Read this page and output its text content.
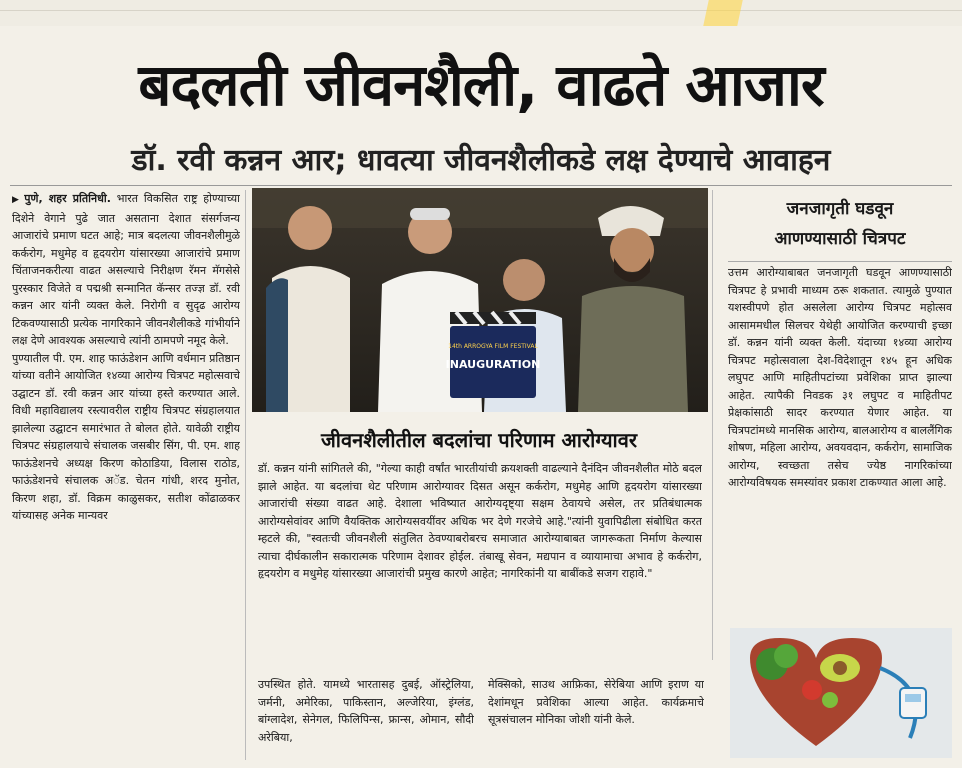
बदलती जीवनशैली, वाढते आजार
डॉ. रवी कन्नन आर; धावत्या जीवनशैलीकडे लक्ष देण्याचे आवाहन

▶ पुणे, शहर प्रतिनिधी. भारत विकसित राष्ट्र होण्याच्या दिशेने वेगाने पुढे जात असताना देशात संसर्गजन्य आजारांचे प्रमाण घटत आहे; मात्र बदलत्या जीवनशैलीमुळे कर्करोग, मधुमेह व हृदयरोग यांसारख्या आजारांचे प्रमाण चिंताजनकरीत्या वाढत असल्याचे निरीक्षण रॅमन मॅगसेसे पुरस्कार विजेते व पद्मश्री सन्मानित कॅन्सर तज्ज्ञ डॉ. रवी कन्नन आर यांनी व्यक्त केले. निरोगी व सुदृढ आरोग्य टिकवण्यासाठी प्रत्येक नागरिकाने जीवनशैलीकडे गांभीर्याने लक्ष देणे आवश्यक असल्याचे त्यांनी ठामपणे नमूद केले.

पुण्यातील पी. एम. शाह फाऊंडेशन आणि वर्धमान प्रतिष्ठान यांच्या वतीने आयोजित १४व्या आरोग्य चित्रपट महोत्सवाचे उद्घाटन डॉ. रवी कन्नन आर यांच्या हस्ते करण्यात आले. विधी महाविद्यालय रस्त्यावरील राष्ट्रीय चित्रपट संग्रहालयात झालेल्या उद्घाटन समारंभात ते बोलत होते. यावेळी राष्ट्रीय चित्रपट संग्रहालयाचे संचालक जसबीर सिंग, पी. एम. शाह फाऊंडेशनचे अध्यक्ष किरण कोठाडिया, विलास राठोड, फाऊंडेशनचे संचालक अॅड. चेतन गांधी, शरद मुनोत, किरण शहा, डॉ. विक्रम काळुसकर, सतीश कोंढाळकर यांच्यासह अनेक मान्यवर

14th ARROGYA FILM FESTIVAL
INAUGURATION
जीवनशैलीतील बदलांचा परिणाम आरोग्यावर

डॉ. कन्नन यांनी सांगितले की, "गेल्या काही वर्षांत भारतीयांची क्रयशक्ती वाढल्याने दैनंदिन जीवनशैलीत मोठे बदल झाले आहेत. या बदलांचा थेट परिणाम आरोग्यावर दिसत असून कर्करोग, मधुमेह आणि हृदयरोग यांसारख्या आजारांची संख्या वाढत आहे. देशाला भविष्यात आरोग्यदृष्ट्या सक्षम ठेवायचे असेल, तर प्रतिबंधात्मक आरोग्यसेवांवर आणि वैयक्तिक आरोग्यसवयींवर अधिक भर देणे गरजेचे आहे."त्यांनी युवापिढीला संबोधित करत म्हटले की, "स्वतःची जीवनशैली संतुलित ठेवण्याबरोबरच समाजात आरोग्याबाबत जागरूकता निर्माण केल्यास त्याचा दीर्घकालीन सकारात्मक परिणाम देशावर होईल. तंबाखू सेवन, मद्यपान व व्यायामाचा अभाव हे कर्करोग, हृदयरोग व मधुमेह यांसारख्या आजारांची प्रमुख कारणे आहेत; नागरिकांनी या बाबींकडे सजग राहावे."

उपस्थित होते. यामध्ये भारतासह दुबई, ऑस्ट्रेलिया, जर्मनी, अमेरिका, पाकिस्तान, अल्जेरिया, इंग्लंड, बांग्लादेश, सेनेगल, फिलिपिन्स, फ्रान्स, ओमान, सौदी अरेबिया,

मेक्सिको, साउथ आफ्रिका, सेरेबिया आणि इराण या देशांमधून प्रवेशिका आल्या आहेत. कार्यक्रमाचे सूत्रसंचालन मोनिका जोशी यांनी केले.

जनजागृती घडवून
आणण्यासाठी चित्रपट

उत्तम आरोग्याबाबत जनजागृती घडवून आणण्यासाठी चित्रपट हे प्रभावी माध्यम ठरू शकतात. त्यामुळे पुण्यात यशस्वीपणे होत असलेला आरोग्य चित्रपट महोत्सव आसाममधील सिलचर येथेही आयोजित करण्याची इच्छा डॉ. कन्नन यांनी व्यक्त केली. यंदाच्या १४व्या आरोग्य चित्रपट महोत्सवाला देश-विदेशातून १४५ हून अधिक लघुपट आणि माहितीपटांच्या प्रवेशिका प्राप्त झाल्या आहेत. त्यापैकी निवडक ३१ लघुपट व माहितीपट प्रेक्षकांसाठी सादर करण्यात येणार आहेत. या चित्रपटांमध्ये मानसिक आरोग्य, बालआरोग्य व बाललैंगिक शोषण, महिला आरोग्य, अवयवदान, कर्करोग, सामाजिक आरोग्य, स्वच्छता तसेच ज्येष्ठ नागरिकांच्या आरोग्यविषयक समस्यांवर प्रकाश टाकण्यात आला आहे.
